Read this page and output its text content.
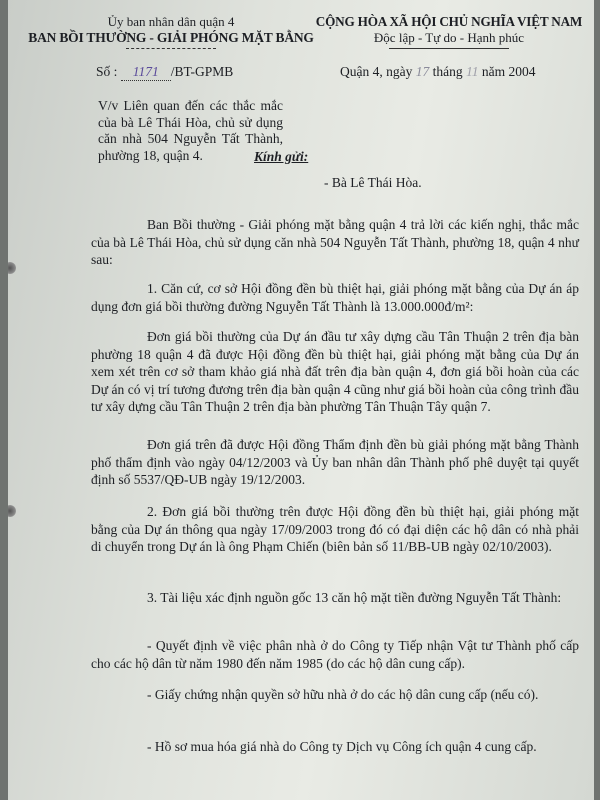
Ủy ban nhân dân quận 4
BAN BỒI THƯỜNG - GIẢI PHÓNG MẶT BẰNG
CỘNG HÒA XÃ HỘI CHỦ NGHĨA VIỆT NAM
Độc lập - Tự do - Hạnh phúc
Số : 1171 /BT-GPMB	Quận 4, ngày 17 tháng 11 năm 2004
V/v Liên quan đến các thắc mắc của bà Lê Thái Hòa, chủ sử dụng căn nhà 504 Nguyễn Tất Thành, phường 18, quận 4.	Kính gửi:
- Bà Lê Thái Hòa.
Ban Bồi thường - Giải phóng mặt bằng quận 4 trả lời các kiến nghị, thắc mắc của bà Lê Thái Hòa, chủ sử dụng căn nhà 504 Nguyễn Tất Thành, phường 18, quận 4 như sau:
1. Căn cứ, cơ sở Hội đồng đền bù thiệt hại, giải phóng mặt bằng của Dự án áp dụng đơn giá bồi thường đường Nguyễn Tất Thành là 13.000.000đ/m²:
Đơn giá bồi thường của Dự án đầu tư xây dựng cầu Tân Thuận 2 trên địa bàn phường 18 quận 4 đã được Hội đồng đền bù thiệt hại, giải phóng mặt bằng của Dự án xem xét trên cơ sở tham khảo giá nhà đất trên địa bàn quận 4, đơn giá bồi hoàn của các Dự án có vị trí tương đương trên địa bàn quận 4 cũng như giá bồi hoàn của công trình đầu tư xây dựng cầu Tân Thuận 2 trên địa bàn phường Tân Thuận Tây quận 7.
Đơn giá trên đã được Hội đồng Thẩm định đền bù giải phóng mặt bằng Thành phố thẩm định vào ngày 04/12/2003 và Ủy ban nhân dân Thành phố phê duyệt tại quyết định số 5537/QĐ-UB ngày 19/12/2003.
2. Đơn giá bồi thường trên được Hội đồng đền bù thiệt hại, giải phóng mặt bằng của Dự án thông qua ngày 17/09/2003 trong đó có đại diện các hộ dân có nhà phải di chuyển trong Dự án là ông Phạm Chiến (biên bản số 11/BB-UB ngày 02/10/2003).
3. Tài liệu xác định nguồn gốc 13 căn hộ mặt tiền đường Nguyễn Tất Thành:
- Quyết định về việc phân nhà ở do Công ty Tiếp nhận Vật tư Thành phố cấp cho các hộ dân từ năm 1980 đến năm 1985 (do các hộ dân cung cấp).
- Giấy chứng nhận quyền sở hữu nhà ở do các hộ dân cung cấp (nếu có).
- Hồ sơ mua hóa giá nhà do Công ty Dịch vụ Công ích quận 4 cung cấp.
